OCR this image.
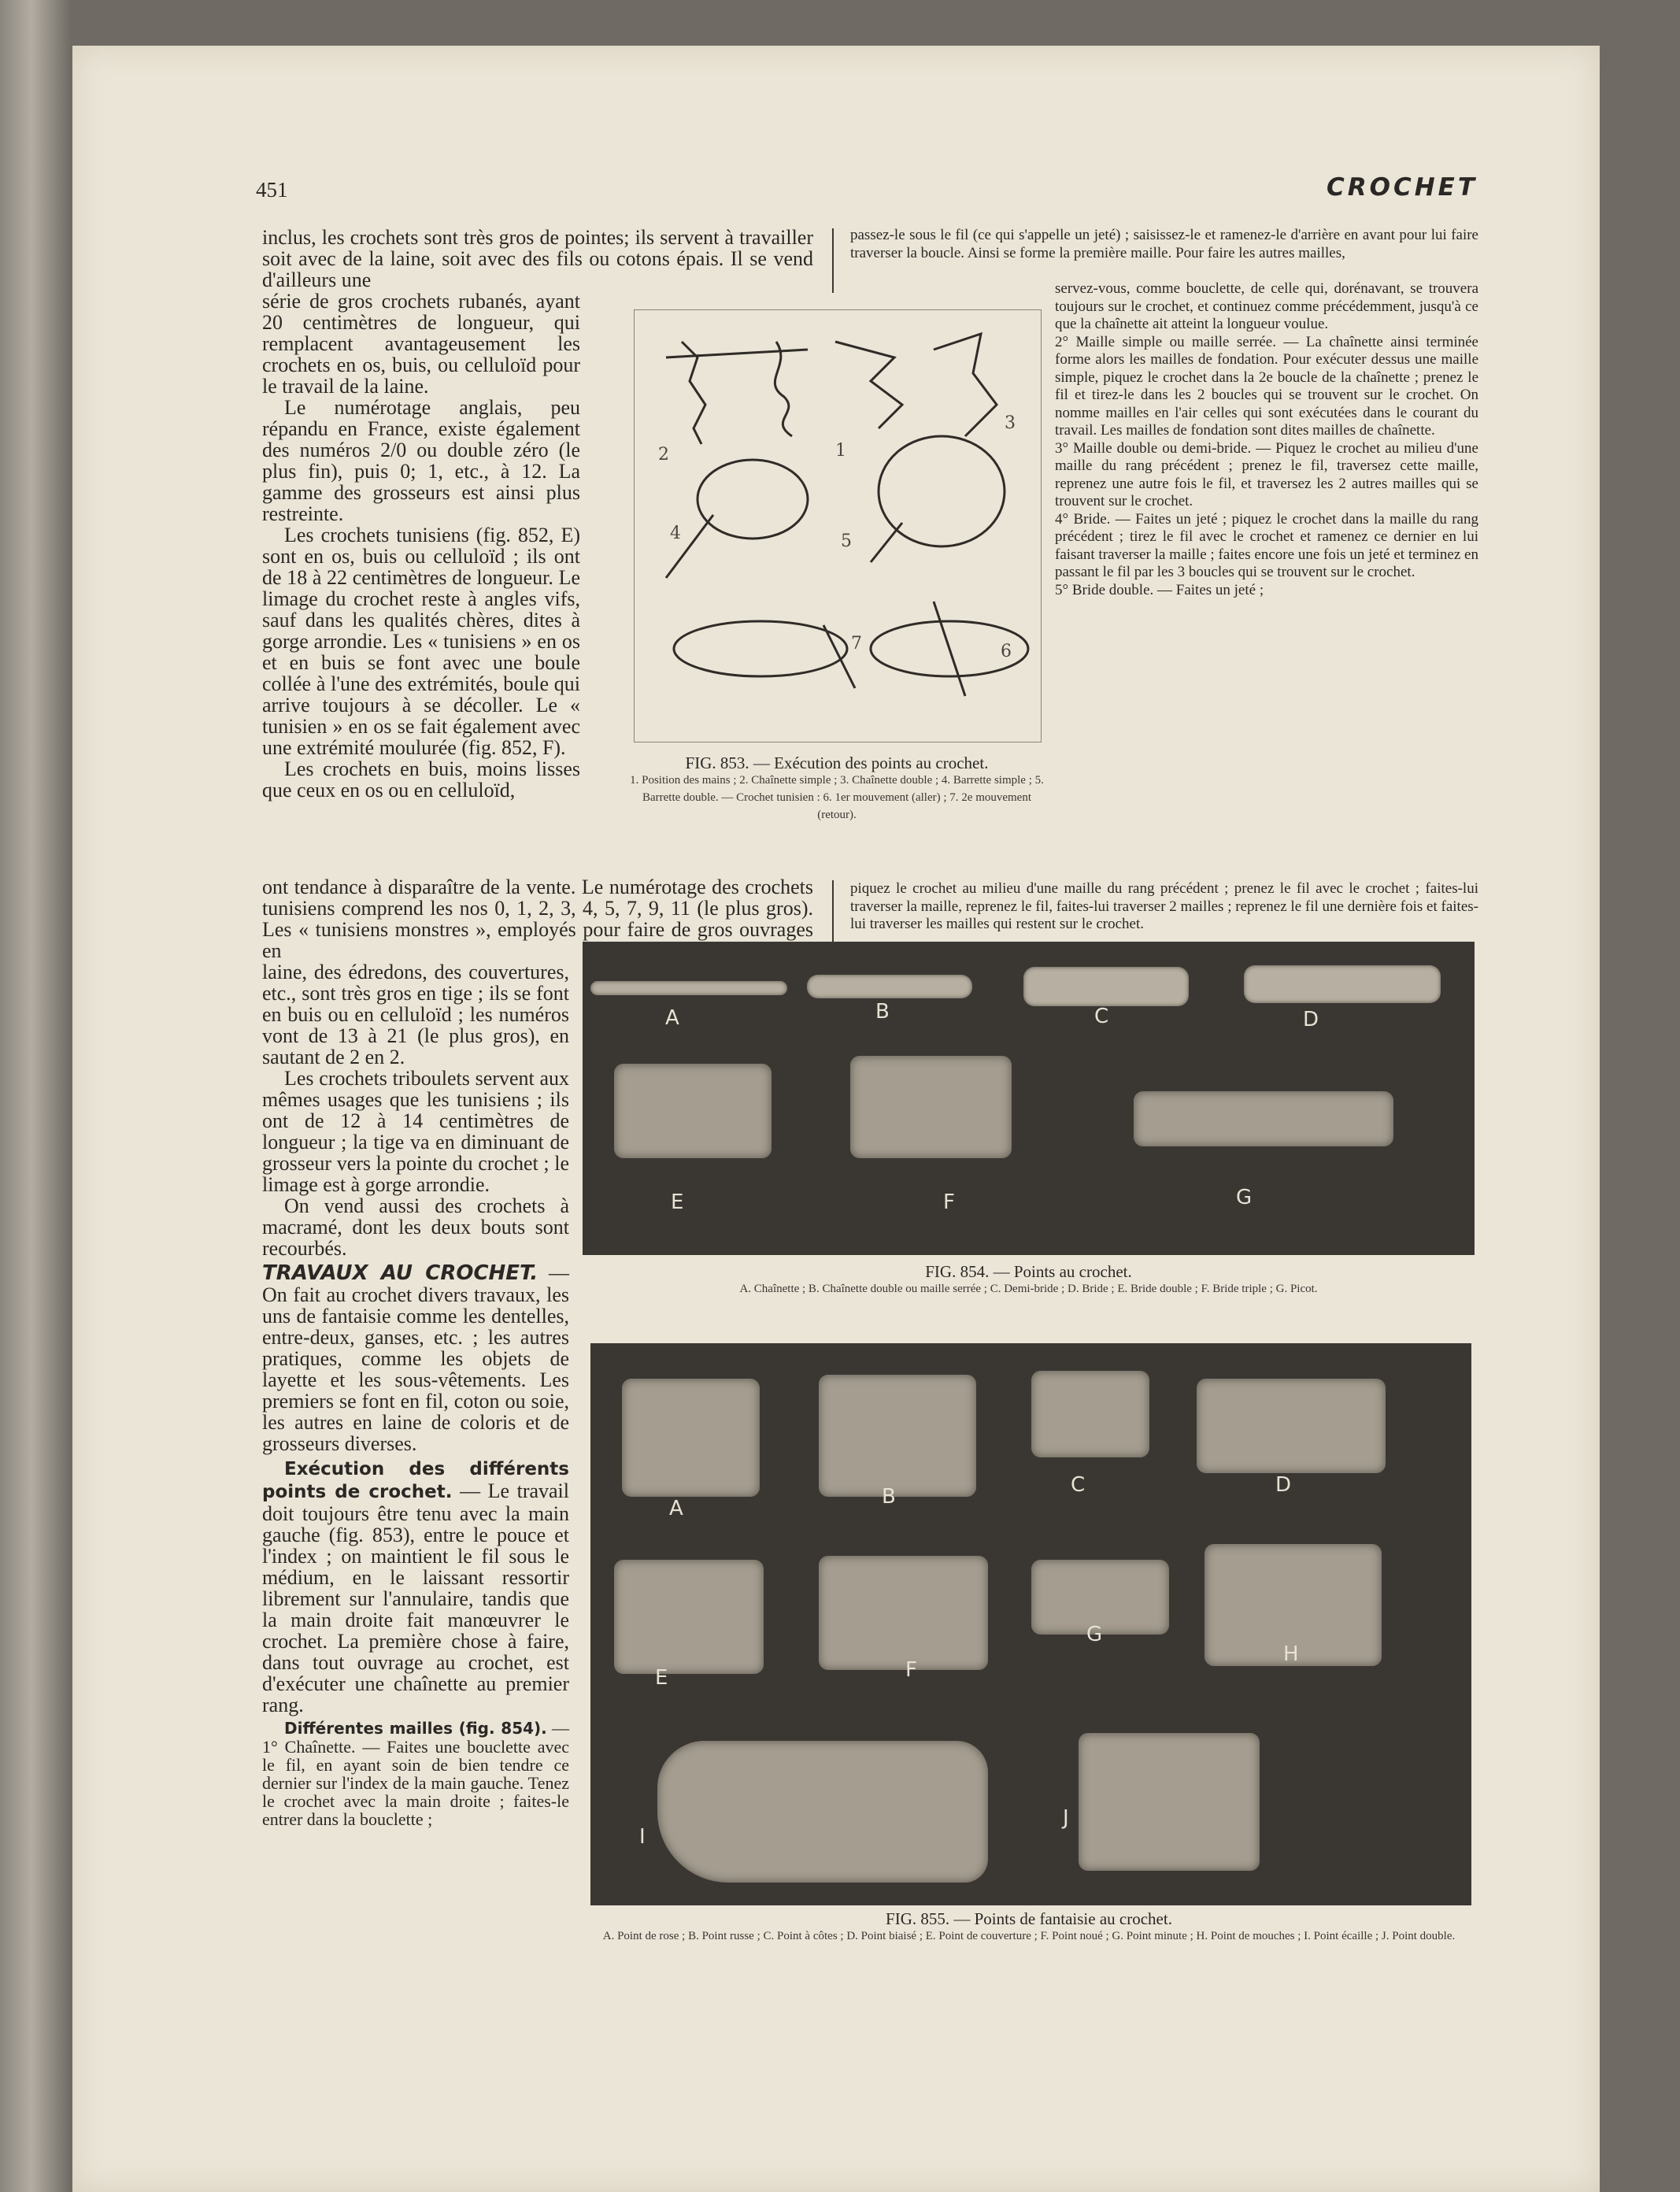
451	CROCHET

inclus, les crochets sont très gros de pointes; ils servent à travailler soit avec de la laine, soit avec des fils ou cotons épais. Il se vend d'ailleurs une

série de gros crochets rubanés, ayant 20 centimètres de longueur, qui remplacent avantageusement les crochets en os, buis, ou celluloïd pour le travail de la laine.

Le numérotage anglais, peu répandu en France, existe également des numéros 2/0 ou double zéro (le plus fin), puis 0; 1, etc., à 12. La gamme des grosseurs est ainsi plus restreinte.

Les crochets tunisiens (fig. 852, E) sont en os, buis ou celluloïd ; ils ont de 18 à 22 centimètres de longueur. Le limage du crochet reste à angles vifs, sauf dans les qualités chères, dites à gorge arrondie. Les « tunisiens » en os et en buis se font avec une boule collée à l'une des extrémités, boule qui arrive toujours à se décoller. Le « tunisien » en os se fait également avec une extrémité moulurée (fig. 852, F).

Les crochets en buis, moins lisses que ceux en os ou en celluloïd,

ont tendance à disparaître de la vente. Le numérotage des crochets tunisiens comprend les nos 0, 1, 2, 3, 4, 5, 7, 9, 11 (le plus gros). Les « tunisiens monstres », employés pour faire de gros ouvrages en

laine, des édredons, des couvertures, etc., sont très gros en tige ; ils se font en buis ou en celluloïd ; les numéros vont de 13 à 21 (le plus gros), en sautant de 2 en 2.

Les crochets triboulets servent aux mêmes usages que les tunisiens ; ils ont de 12 à 14 centimètres de longueur ; la tige va en diminuant de grosseur vers la pointe du crochet ; le limage est à gorge arrondie.

On vend aussi des crochets à macramé, dont les deux bouts sont recourbés.

TRAVAUX AU CROCHET. — On fait au crochet divers travaux, les uns de fantaisie comme les dentelles, entre-deux, ganses, etc. ; les autres pratiques, comme les objets de layette et les sous-vêtements. Les premiers se font en fil, coton ou soie, les autres en laine de coloris et de grosseurs diverses.

Exécution des différents points de crochet. — Le travail doit toujours être tenu avec la main gauche (fig. 853), entre le pouce et l'index ; on maintient le fil sous le médium, en le laissant ressortir librement sur l'annulaire, tandis que la main droite fait manœuvrer le crochet. La première chose à faire, dans tout ouvrage au crochet, est d'exécuter une chaînette au premier rang.

Différentes mailles (fig. 854). — 1° Chaînette. — Faites une bouclette avec le fil, en ayant soin de bien tendre ce dernier sur l'index de la main gauche. Tenez le crochet avec la main droite ; faites-le entrer dans la bouclette ;

passez-le sous le fil (ce qui s'appelle un jeté) ; saisissez-le et ramenez-le d'arrière en avant pour lui faire traverser la boucle. Ainsi se forme la première maille. Pour faire les autres mailles,

servez-vous, comme bouclette, de celle qui, dorénavant, se trouvera toujours sur le crochet, et continuez comme précédemment, jusqu'à ce que la chaînette ait atteint la longueur voulue.

2° Maille simple ou maille serrée. — La chaînette ainsi terminée forme alors les mailles de fondation. Pour exécuter dessus une maille simple, piquez le crochet dans la 2e boucle de la chaînette ; prenez le fil et tirez-le dans les 2 boucles qui se trouvent sur le crochet. On nomme mailles en l'air celles qui sont exécutées dans le courant du travail. Les mailles de fondation sont dites mailles de chaînette.

3° Maille double ou demi-bride. — Piquez le crochet au milieu d'une maille du rang précédent ; prenez le fil, traversez cette maille, reprenez une autre fois le fil, et traversez les 2 autres mailles qui se trouvent sur le crochet.

4° Bride. — Faites un jeté ; piquez le crochet dans la maille du rang précédent ; tirez le fil avec le crochet et ramenez ce dernier en lui faisant traverser la maille ; faites encore une fois un jeté et terminez en passant le fil par les 3 boucles qui se trouvent sur le crochet.

5° Bride double. — Faites un jeté ;

piquez le crochet au milieu d'une maille du rang précédent ; prenez le fil avec le crochet ; faites-lui traverser la maille, reprenez le fil, faites-lui traverser 2 mailles ; reprenez le fil une dernière fois et faites-lui traverser les mailles qui restent sur le crochet.

1
2
3
4	5
6
7
FIG. 853. — Exécution des points au crochet.
1. Position des mains ; 2. Chaînette simple ; 3. Chaînette double ; 4. Barrette simple ; 5. Barrette double. — Crochet tunisien : 6. 1er mouvement (aller) ; 7. 2e mouvement (retour).
A	B	C	D
E	F	G
FIG. 854. — Points au crochet.
A. Chaînette ; B. Chaînette double ou maille serrée ; C. Demi-bride ; D. Bride ; E. Bride double ; F. Bride triple ; G. Picot.
A	B	C	D
E	F
G
H
I
J
FIG. 855. — Points de fantaisie au crochet.
A. Point de rose ; B. Point russe ; C. Point à côtes ; D. Point biaisé ; E. Point de couverture ; F. Point noué ; G. Point minute ; H. Point de mouches ; I. Point écaille ; J. Point double.
